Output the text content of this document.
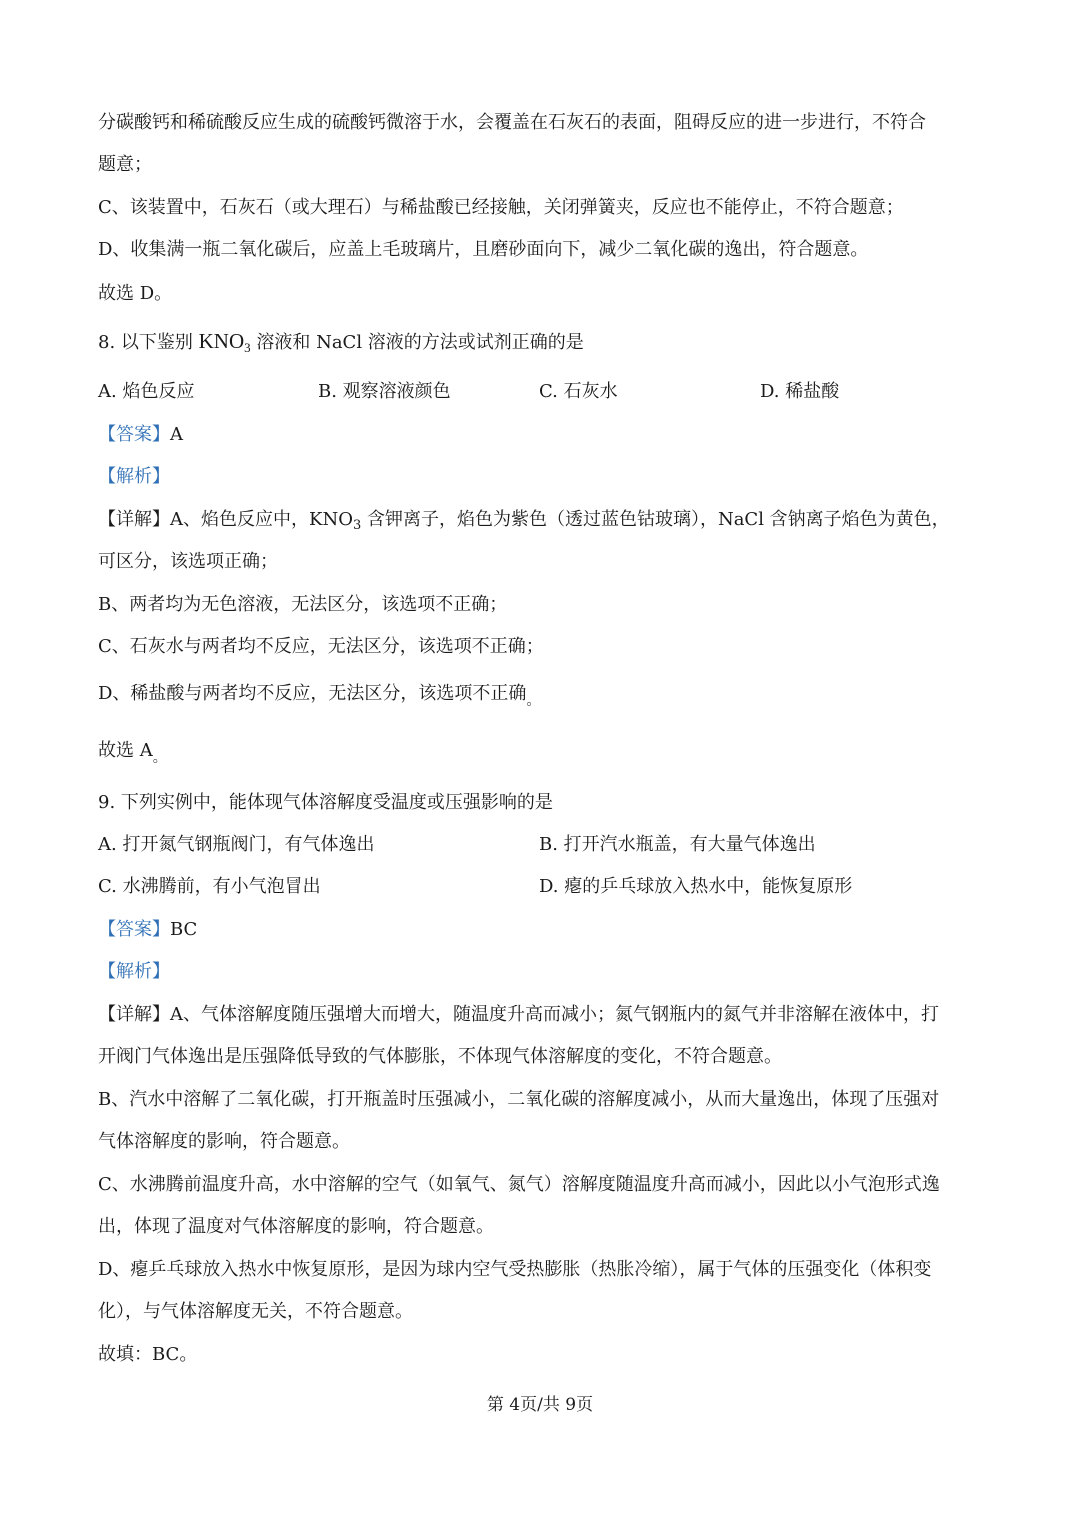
分碳酸钙和稀硫酸反应生成的硫酸钙微溶于水，会覆盖在石灰石的表面，阻碍反应的进一步进行，不符合
题意；
C、该装置中，石灰石（或大理石）与稀盐酸已经接触，关闭弹簧夹，反应也不能停止，不符合题意；
D、收集满一瓶二氧化碳后，应盖上毛玻璃片，且磨砂面向下，减少二氧化碳的逸出，符合题意。
故选 D。
8. 以下鉴别 $KNO_3$ 溶液和 NaCl 溶液的方法或试剂正确的是
A. 焰色反应	B. 观察溶液颜色	C. 石灰水	D. 稀盐酸
【答案】A
【解析】
【详解】A、焰色反应中，$KNO_3$ 含钾离子，焰色为紫色（透过蓝色钴玻璃），NaCl 含钠离子焰色为黄色，
可区分，该选项正确；
B、两者均为无色溶液，无法区分，该选项不正确；
C、石灰水与两者均不反应，无法区分，该选项不正确；
D、稀盐酸与两者均不反应，无法区分，该选项不正确$_。$
故选 $A_。$
9. 下列实例中，能体现气体溶解度受温度或压强影响的是
A. 打开氮气钢瓶阀门，有气体逸出	B. 打开汽水瓶盖，有大量气体逸出
C. 水沸腾前，有小气泡冒出	D. 瘪的乒乓球放入热水中，能恢复原形
【答案】BC
【解析】
【详解】A、气体溶解度随压强增大而增大，随温度升高而减小；氮气钢瓶内的氮气并非溶解在液体中，打
开阀门气体逸出是压强降低导致的气体膨胀，不体现气体溶解度的变化，不符合题意。
B、汽水中溶解了二氧化碳，打开瓶盖时压强减小，二氧化碳的溶解度减小，从而大量逸出，体现了压强对
气体溶解度的影响，符合题意。
C、水沸腾前温度升高，水中溶解的空气（如氧气、氮气）溶解度随温度升高而减小，因此以小气泡形式逸
出，体现了温度对气体溶解度的影响，符合题意。
D、瘪乒乓球放入热水中恢复原形，是因为球内空气受热膨胀（热胀冷缩），属于气体的压强变化（体积变
化），与气体溶解度无关，不符合题意。
故填：BC。
第 4页/共 9页
